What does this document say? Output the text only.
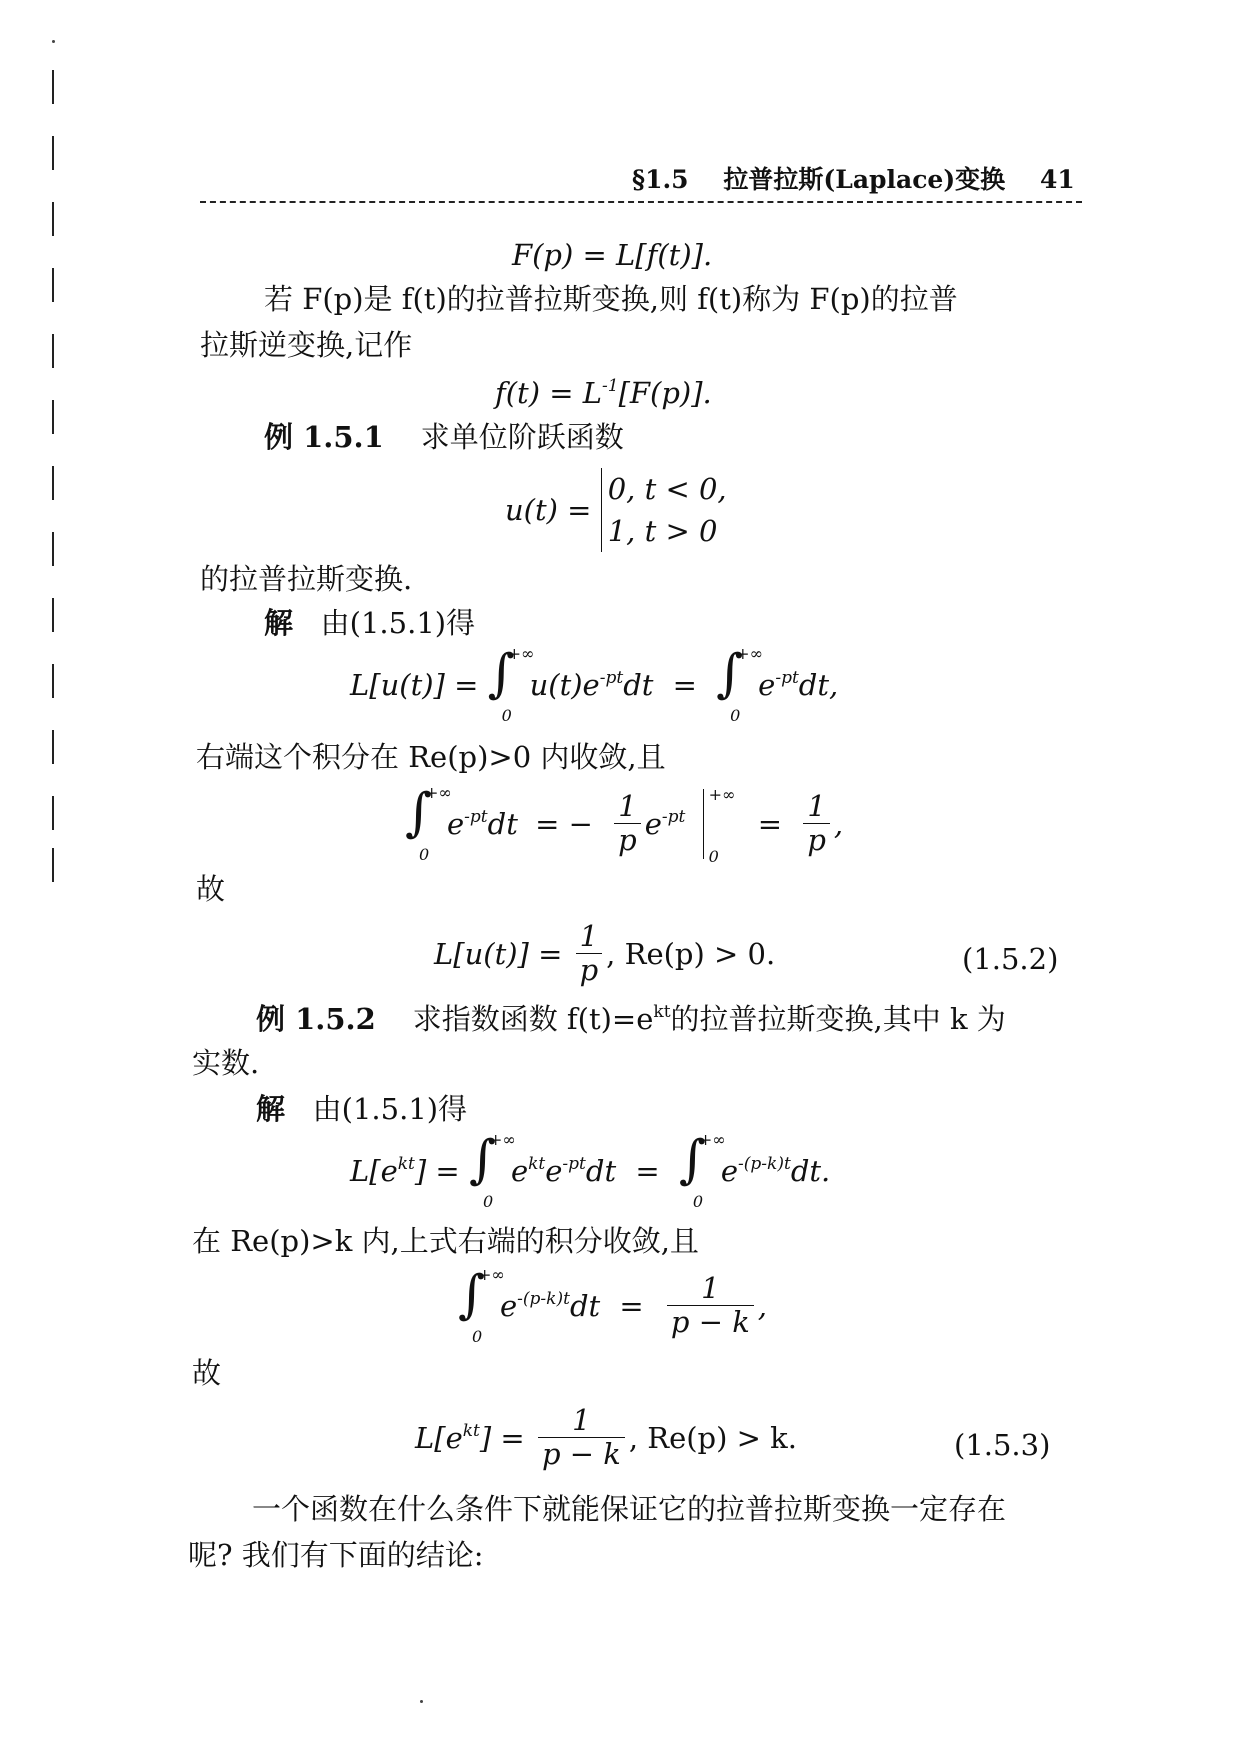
§1.5 拉普拉斯(Laplace)变换 41
F(p) = L[f(t)].
若 F(p)是 f(t)的拉普拉斯变换,则 f(t)称为 F(p)的拉普
拉斯逆变换,记作
$f(t) = L^{-1}[F(p)]$.
例 1.5.1 求单位阶跃函数
u(t) = 0, t < 0,
1, t > 0
的拉普拉斯变换.
解 由(1.5.1)得
L[u(t)] = ∫
+∞
0
$u(t)e^{-pt}dt$ = ∫
+∞
0
$e^{-pt}dt$,
右端这个积分在 Re(p)>0 内收敛,且
∫
+∞
0
$e^{-pt}dt$ = − $\frac{1}{p} e^{-pt}$
+∞
0
= $\frac{1}{p}$ ,
故
$L[u(t)] = \frac{1}{p}$ , Re(p) > 0.	(1.5.2)
例 1.5.2 求指数函数 $f(t)=e^{kt}$的拉普拉斯变换,其中 k 为
实数.
解 由(1.5.1)得
$L[e^{kt}]$ = ∫
+∞
0
$e^{kt}e^{-pt}dt$ = ∫
+∞
0
$e^{-(p-k)t}dt$.
在 Re(p)>k 内,上式右端的积分收敛,且
∫
+∞
0
$e^{-(p-k)t}dt = \frac{1}{p - k}$ ,
故
$L[e^{kt}] = \frac{1}{p - k}$ , Re(p) > k.	(1.5.3)
一个函数在什么条件下就能保证它的拉普拉斯变换一定存在
呢? 我们有下面的结论:
